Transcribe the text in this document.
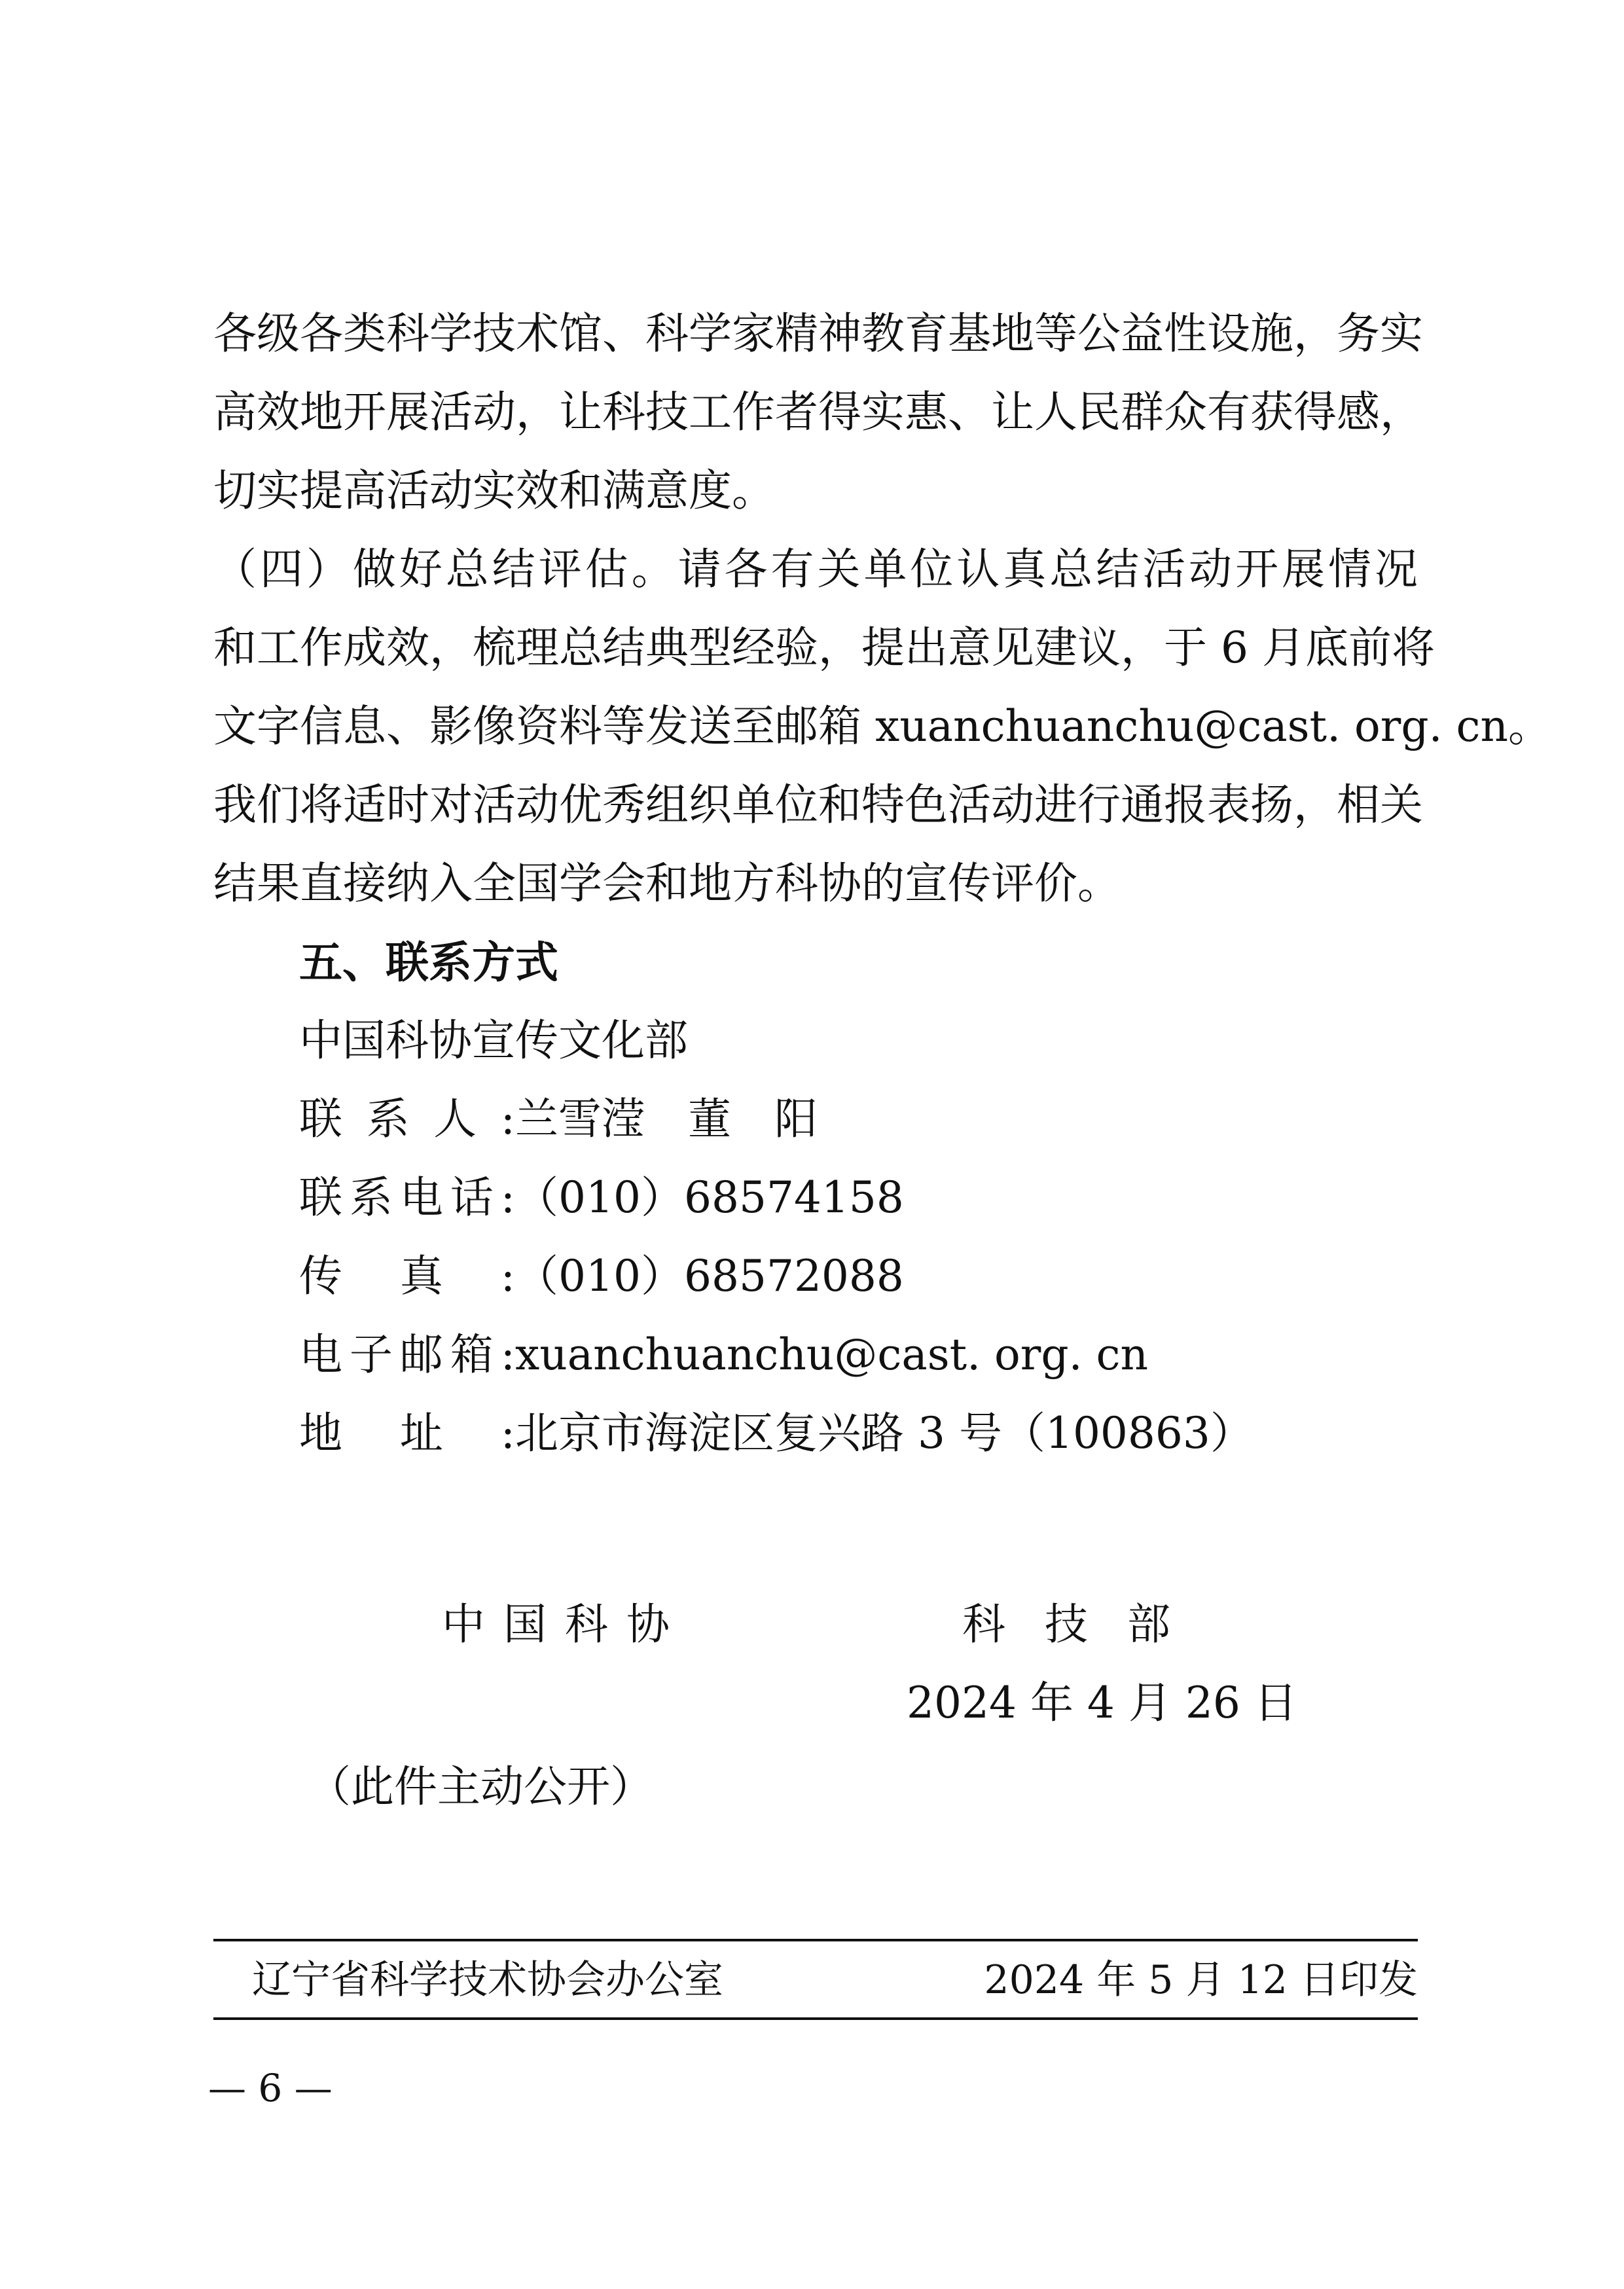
各级各类科学技术馆、科学家精神教育基地等公益性设施，务实
高效地开展活动，让科技工作者得实惠、让人民群众有获得感，
切实提高活动实效和满意度。
（四）做好总结评估。请各有关单位认真总结活动开展情况
和工作成效，梳理总结典型经验，提出意见建议，于 6 月底前将
文字信息、影像资料等发送至邮箱 xuanchuanchu@cast. org. cn。
我们将适时对活动优秀组织单位和特色活动进行通报表扬，相关
结果直接纳入全国学会和地方科协的宣传评价。
五、联系方式
中国科协宣传文化部
联系人:兰雪滢　董　阳
联系电话:（010）68574158
传真:（010）68572088
电子邮箱:xuanchuanchu@cast. org. cn
地址:北京市海淀区复兴路 3 号（100863）
中国科协	科技部
2024 年 4 月 26 日
（此件主动公开）
辽宁省科学技术协会办公室	2024 年 5 月 12 日印发
— 6 —
